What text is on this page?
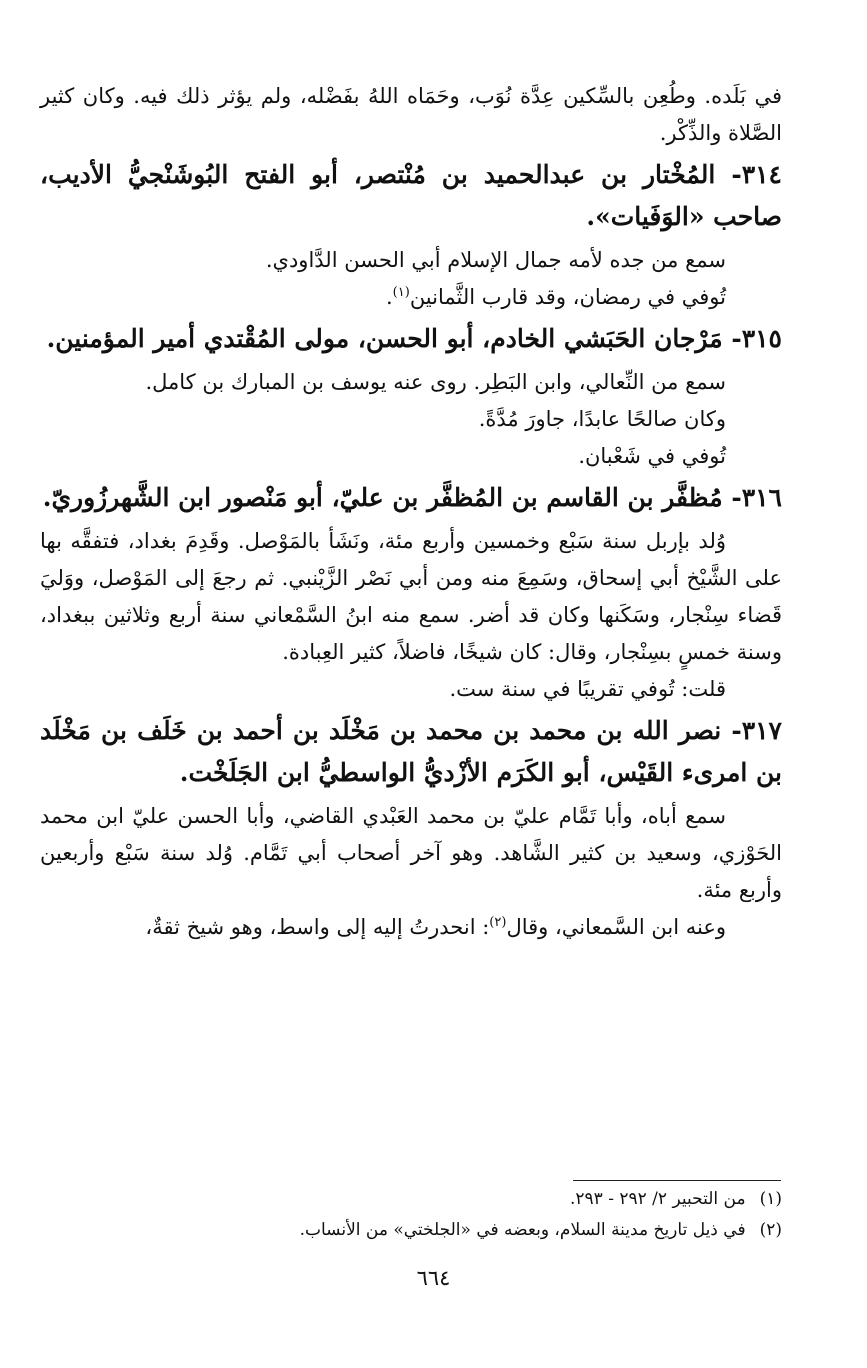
في بَلَده. وطُعِن بالسِّكين عِدَّة نُوَب، وحَمَاه اللهُ بفَضْله، ولم يؤثر ذلك فيه. وكان كثير الصَّلاة والذِّكْر.

٣١٤- المُخْتار بن عبدالحميد بن مُنْتصر، أبو الفتح البُوشَنْجيُّ الأديب، صاحب «الوَفَيات».

سمع من جده لأمه جمال الإسلام أبي الحسن الدَّاودي.

تُوفي في رمضان، وقد قارب الثَّمانين$^{(١)}$.

٣١٥- مَرْجان الحَبَشي الخادم، أبو الحسن، مولى المُقْتدي أمير المؤمنين.

سمع من النِّعالي، وابن البَطِر. روى عنه يوسف بن المبارك بن كامل.

وكان صالحًا عابدًا، جاورَ مُدَّةً.

تُوفي في شَعْبان.

٣١٦- مُظفَّر بن القاسم بن المُظفَّر بن عليّ، أبو مَنْصور ابن الشَّهرزُوريّ.

وُلد بإربل سنة سَبْع وخمسين وأربع مئة، ونَشَأ بالمَوْصل. وقَدِمَ بغداد، فتفقَّه بها على الشَّيْخ أبي إسحاق، وسَمِعَ منه ومن أبي نَصْر الزَّيْنبي. ثم رجعَ إلى المَوْصل، ووَليَ قَضاء سِنْجار، وسَكَنها وكان قد أضر. سمع منه ابنُ السَّمْعاني سنة أربع وثلاثين ببغداد، وسنة خمسٍ بسِنْجار، وقال: كان شيخًا، فاضلاً، كثير العِبادة.

قلت: تُوفي تقريبًا في سنة ست.

٣١٧- نصر الله بن محمد بن محمد بن مَخْلَد بن أحمد بن خَلَف بن مَخْلَد بن امرىء القَيْس، أبو الكَرَم الأزْديُّ الواسطيُّ ابن الجَلَخْت.

سمع أباه، وأبا تَمَّام عليّ بن محمد العَبْدي القاضي، وأبا الحسن عليّ ابن محمد الحَوْزي، وسعيد بن كثير الشَّاهد. وهو آخر أصحاب أبي تَمَّام. وُلد سنة سَبْع وأربعين وأربع مئة.

وعنه ابن السَّمعاني، وقال$^{(٢)}$: انحدرتُ إليه إلى واسط، وهو شيخ ثقةٌ،

(١)من التحبير ٢/ ٢٩٢ - ٢٩٣.

(٢)في ذيل تاريخ مدينة السلام، وبعضه في «الجلختي» من الأنساب.

٦٦٤
